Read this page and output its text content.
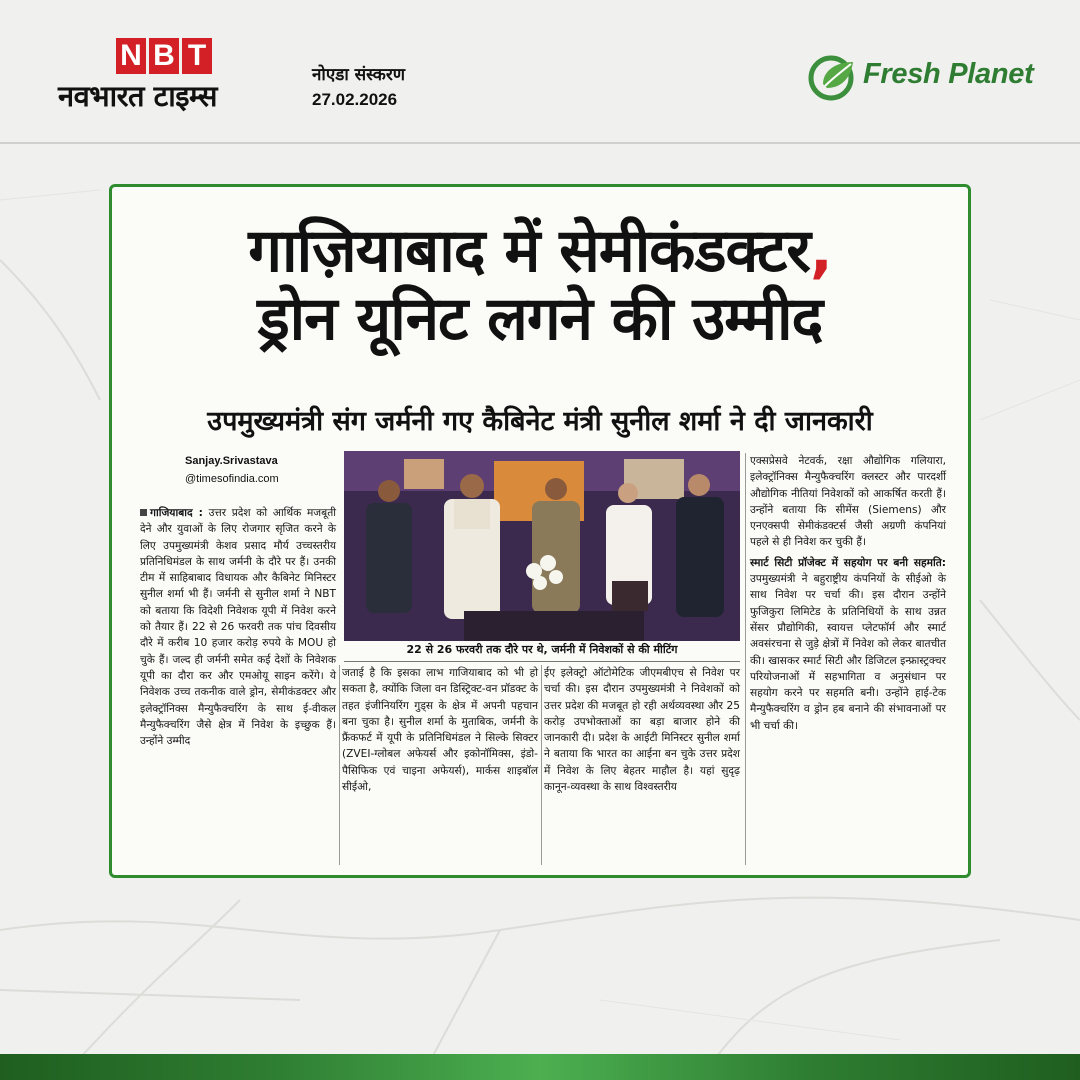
N B T
नवभारत टाइम्स
नोएडा संस्करण
27.02.2026
Fresh Planet
गाज़ियाबाद में सेमीकंडक्टर,
ड्रोन यूनिट लगने की उम्मीद
उपमुख्यमंत्री संग जर्मनी गए कैबिनेट मंत्री सुनील शर्मा ने दी जानकारी
Sanjay.Srivastava
@timesofindia.com

गाजियाबाद : उत्तर प्रदेश को आर्थिक मजबूती देने और युवाओं के लिए रोजगार सृजित करने के लिए उपमुख्यमंत्री केशव प्रसाद मौर्य उच्चस्तरीय प्रतिनिधिमंडल के साथ जर्मनी के दौरे पर हैं। उनकी टीम में साहिबाबाद विधायक और कैबिनेट मिनिस्टर सुनील शर्मा भी हैं। जर्मनी से सुनील शर्मा ने NBT को बताया कि विदेशी निवेशक यूपी में निवेश करने को तैयार हैं। 22 से 26 फरवरी तक पांच दिवसीय दौरे में करीब 10 हजार करोड़ रुपये के MOU हो चुके हैं। जल्द ही जर्मनी समेत कई देशों के निवेशक यूपी का दौरा कर और एमओयू साइन करेंगे। ये निवेशक उच्च तकनीक वाले ड्रोन, सेमीकंडक्टर और इलेक्ट्रॉनिक्स मैन्युफैक्चरिंग के साथ ई-वीकल मैन्युफैक्चरिंग जैसे क्षेत्र में निवेश के इच्छुक हैं। उन्होंने उम्मीद

22 से 26 फरवरी तक दौरे पर थे, जर्मनी में निवेशकों से की मीटिंग

जताई है कि इसका लाभ गाजियाबाद को भी हो सकता है, क्योंकि जिला वन डिस्ट्रिक्ट-वन प्रॉडक्ट के तहत इंजीनियरिंग गुड्स के क्षेत्र में अपनी पहचान बना चुका है। सुनील शर्मा के मुताबिक, जर्मनी के फ्रैंकफर्ट में यूपी के प्रतिनिधिमंडल ने सिल्के सिक्टर (ZVEI-ग्लोबल अफेयर्स और इकोनॉमिक्स, इंडो-पैसिफिक एवं चाइना अफेयर्स), मार्कस शाइबॉल सीईओ,

ईए इलेक्ट्रो ऑटोमेटिक जीएमबीएच से निवेश पर चर्चा की। इस दौरान उपमुख्यमंत्री ने निवेशकों को उत्तर प्रदेश की मजबूत हो रही अर्थव्यवस्था और 25 करोड़ उपभोक्ताओं का बड़ा बाजार होने की जानकारी दी। प्रदेश के आईटी मिनिस्टर सुनील शर्मा ने बताया कि भारत का आईना बन चुके उत्तर प्रदेश में निवेश के लिए बेहतर माहौल है। यहां सुदृढ़ कानून-व्यवस्था के साथ विश्वस्तरीय

एक्सप्रेसवे नेटवर्क, रक्षा औद्योगिक गलियारा, इलेक्ट्रॉनिक्स मैन्युफैक्चरिंग क्लस्टर और पारदर्शी औद्योगिक नीतियां निवेशकों को आकर्षित करती हैं। उन्होंने बताया कि सीमेंस (Siemens) और एनएक्सपी सेमीकंडक्टर्स जैसी अग्रणी कंपनियां पहले से ही निवेश कर चुकी हैं।

स्मार्ट सिटी प्रॉजेक्ट में सहयोग पर बनी सहमति: उपमुख्यमंत्री ने बहुराष्ट्रीय कंपनियों के सीईओ के साथ निवेश पर चर्चा की। इस दौरान उन्होंने फुजिकुरा लिमिटेड के प्रतिनिधियों के साथ उन्नत सेंसर प्रौद्योगिकी, स्वायत्त प्लेटफॉर्म और स्मार्ट अवसंरचना से जुड़े क्षेत्रों में निवेश को लेकर बातचीत की। खासकर स्मार्ट सिटी और डिजिटल इन्फ्रास्ट्रक्चर परियोजनाओं में सहभागिता व अनुसंधान पर सहयोग करने पर सहमति बनी। उन्होंने हाई-टेक मैन्युफैक्चरिंग व ड्रोन हब बनाने की संभावनाओं पर भी चर्चा की।
